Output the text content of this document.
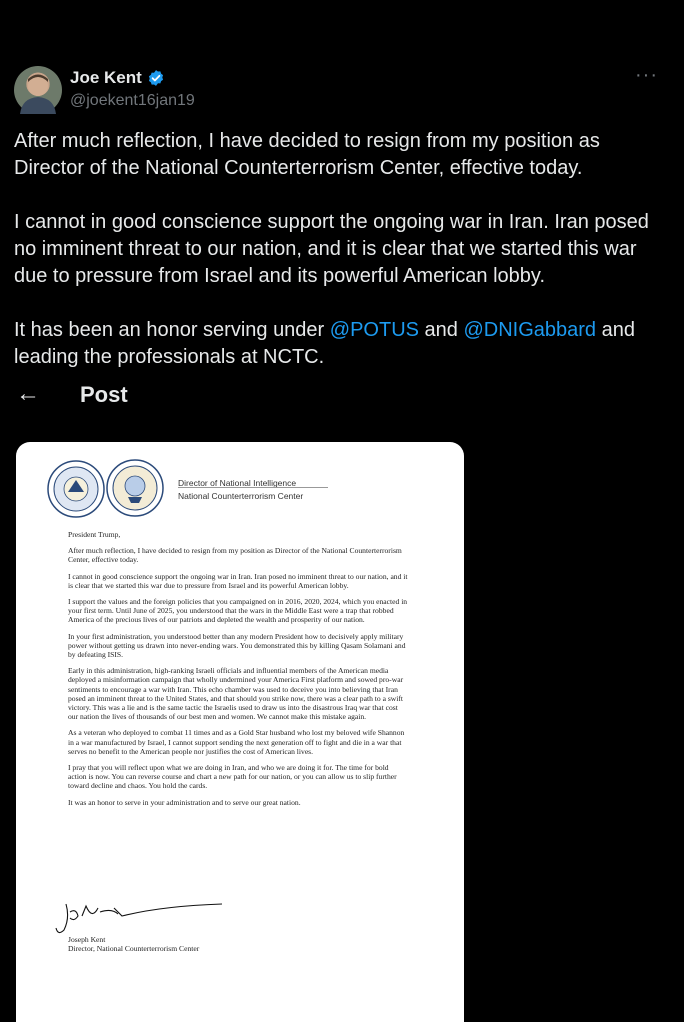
Joe Kent
@joekent16jan19
···

After much reflection, I have decided to resign from my position as Director of the National Counterterrorism Center, effective today.

I cannot in good conscience support the ongoing war in Iran. Iran posed no imminent threat to our nation, and it is clear that we started this war due to pressure from Israel and its powerful American lobby.

It has been an honor serving under @POTUS and @DNIGabbard and leading the professionals at NCTC.

← Post
Director of National Intelligence
National Counterterrorism Center

President Trump,

After much reflection, I have decided to resign from my position as Director of the National Counterterrorism Center, effective today.

I cannot in good conscience support the ongoing war in Iran. Iran posed no imminent threat to our nation, and it is clear that we started this war due to pressure from Israel and its powerful American lobby.

I support the values and the foreign policies that you campaigned on in 2016, 2020, 2024, which you enacted in your first term. Until June of 2025, you understood that the wars in the Middle East were a trap that robbed America of the precious lives of our patriots and depleted the wealth and prosperity of our nation.

In your first administration, you understood better than any modern President how to decisively apply military power without getting us drawn into never-ending wars. You demonstrated this by killing Qasam Solamani and by defeating ISIS.

Early in this administration, high-ranking Israeli officials and influential members of the American media deployed a misinformation campaign that wholly undermined your America First platform and sowed pro-war sentiments to encourage a war with Iran. This echo chamber was used to deceive you into believing that Iran posed an imminent threat to the United States, and that should you strike now, there was a clear path to a swift victory. This was a lie and is the same tactic the Israelis used to draw us into the disastrous Iraq war that cost our nation the lives of thousands of our best men and women. We cannot make this mistake again.

As a veteran who deployed to combat 11 times and as a Gold Star husband who lost my beloved wife Shannon in a war manufactured by Israel, I cannot support sending the next generation off to fight and die in a war that serves no benefit to the American people nor justifies the cost of American lives.

I pray that you will reflect upon what we are doing in Iran, and who we are doing it for. The time for bold action is now. You can reverse course and chart a new path for our nation, or you can allow us to slip further toward decline and chaos. You hold the cards.

It was an honor to serve in your administration and to serve our great nation.

Joseph Kent
Director, National Counterterrorism Center
